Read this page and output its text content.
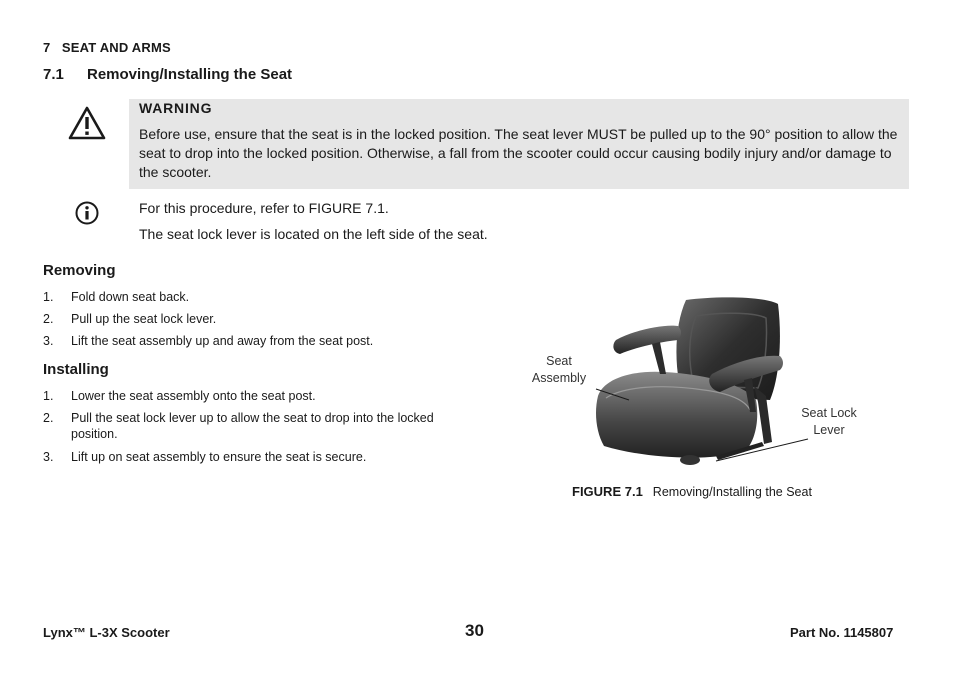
7   SEAT AND ARMS
7.1 Removing/Installing the Seat
WARNING
Before use, ensure that the seat is in the locked position. The seat lever MUST be pulled up to the 90° position to allow the seat to drop into the locked position. Otherwise, a fall from the scooter could occur causing bodily injury and/or damage to the scooter.
For this procedure, refer to FIGURE 7.1.
The seat lock lever is located on the left side of the seat.
Removing
1. Fold down seat back.
2. Pull up the seat lock lever.
3. Lift the seat assembly up and away from the seat post.
Installing
1. Lower the seat assembly onto the seat post.
2. Pull the seat lock lever up to allow the seat to drop into the locked position.
3. Lift up on seat assembly to ensure the seat is secure.
Seat
Assembly
Seat Lock
Lever
FIGURE 7.1 Removing/Installing the Seat
Lynx™ L-3X Scooter	30	Part No. 1145807
